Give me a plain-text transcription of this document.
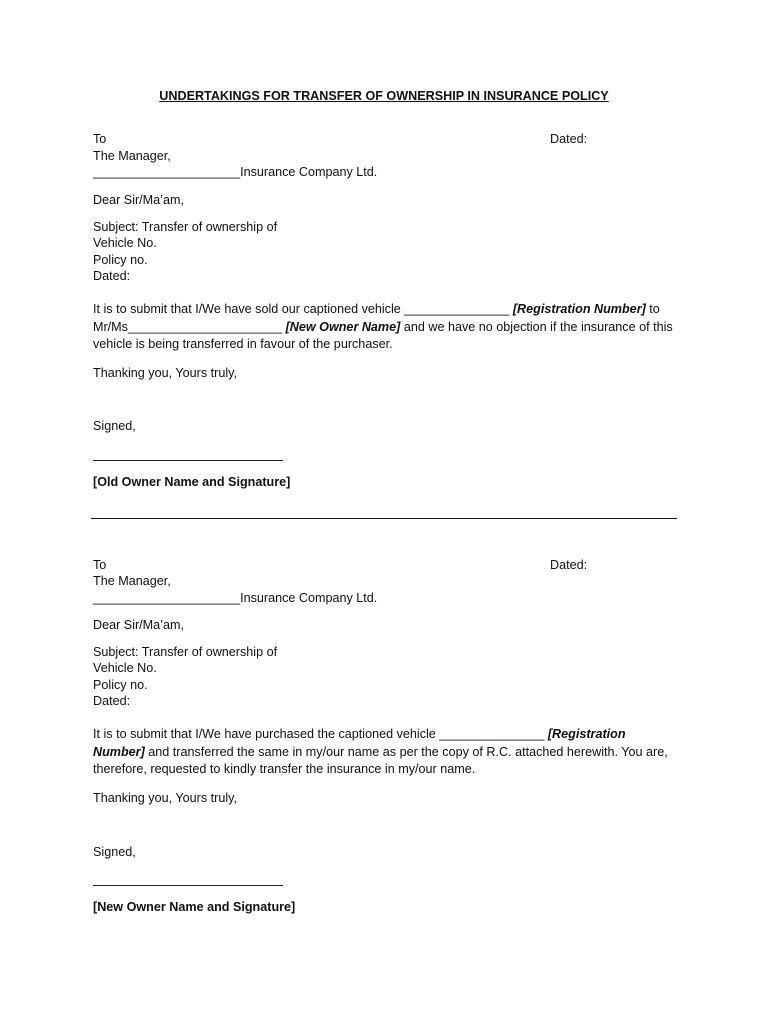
UNDERTAKINGS FOR TRANSFER OF OWNERSHIP IN INSURANCE POLICY
To	Dated:
The Manager,
_____________________Insurance Company Ltd.
Dear Sir/Ma’am,
Subject: Transfer of ownership of
Vehicle No.
Policy no.
Dated:
It is to submit that I/We have sold our captioned vehicle _______________ [Registration Number] to Mr/Ms______________________ [New Owner Name] and we have no objection if the insurance of this vehicle is being transferred in favour of the purchaser.
Thanking you, Yours truly,
Signed,
[Old Owner Name and Signature]
To	Dated:
The Manager,
_____________________Insurance Company Ltd.
Dear Sir/Ma’am,
Subject: Transfer of ownership of
Vehicle No.
Policy no.
Dated:
It is to submit that I/We have purchased the captioned vehicle _______________ [Registration Number] and transferred the same in my/our name as per the copy of R.C. attached herewith. You are, therefore, requested to kindly transfer the insurance in my/our name.
Thanking you, Yours truly,
Signed,
[New Owner Name and Signature]
